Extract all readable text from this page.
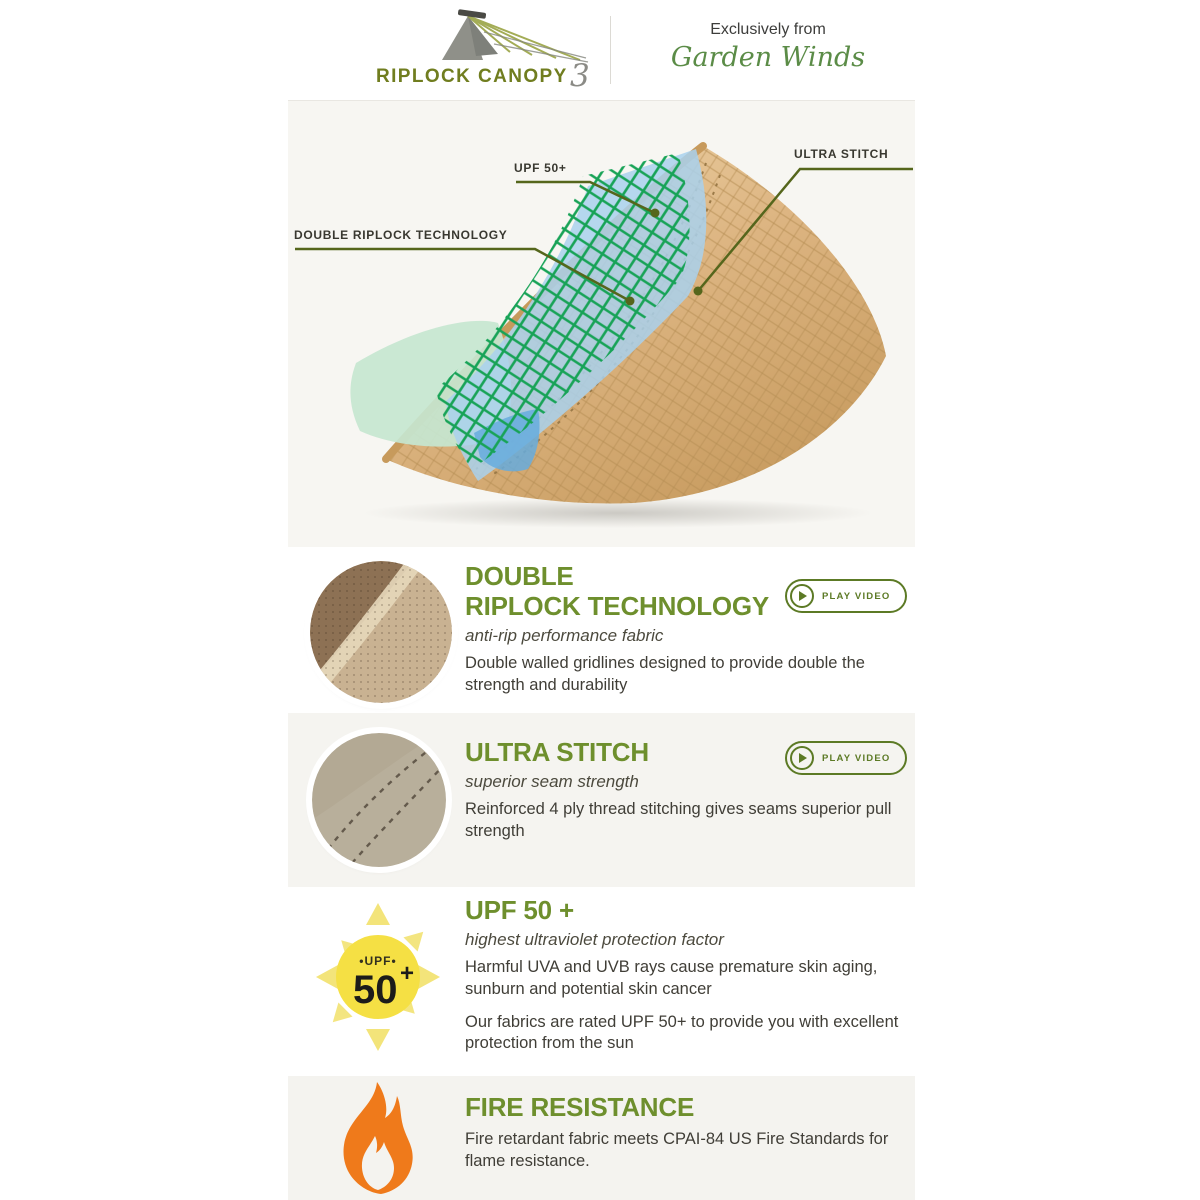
RIPLOCK CANOPY 3
Exclusively from
Garden Winds
UPF 50+
ULTRA STITCH
DOUBLE RIPLOCK TECHNOLOGY
DOUBLE
RIPLOCK TECHNOLOGY
anti-rip performance fabric
Double walled gridlines designed to provide double the strength and durability
PLAY VIDEO
ULTRA STITCH
superior seam strength
Reinforced 4 ply thread stitching gives seams superior pull strength
PLAY VIDEO
•UPF•
50 +
UPF 50 +
highest ultraviolet protection factor
Harmful UVA and UVB rays cause premature skin aging, sunburn and potential skin cancer
Our fabrics are rated UPF 50+ to provide you with excellent protection from the sun
FIRE RESISTANCE
Fire retardant fabric meets CPAI-84 US Fire Standards for flame resistance.
